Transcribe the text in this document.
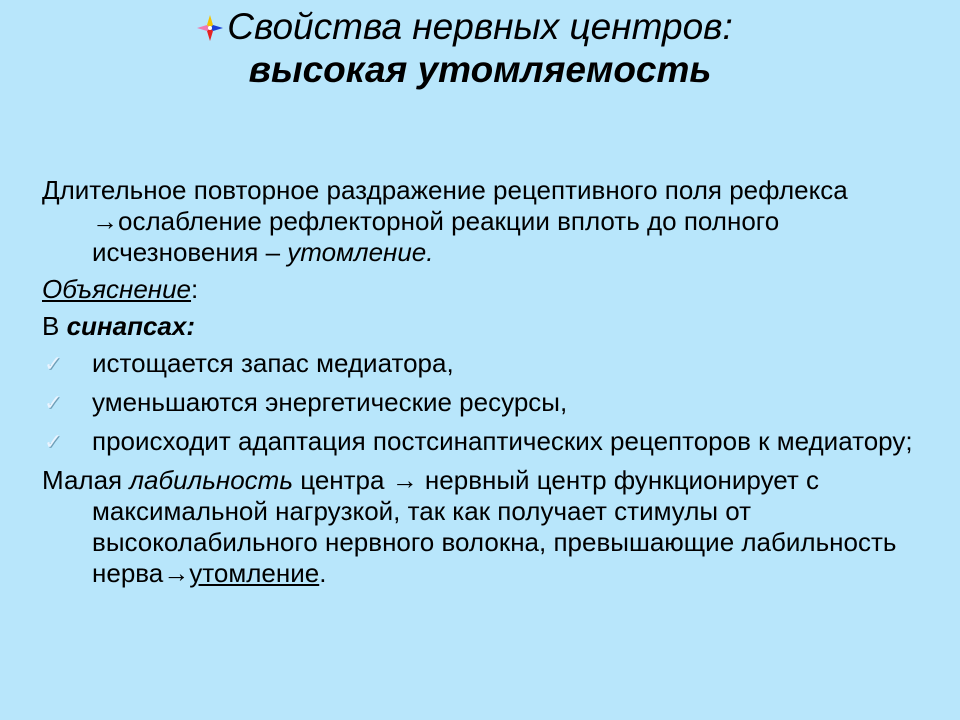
Свойства нервных центров:
высокая утомляемость

Длительное повторное раздражение рецептивного поля рефлекса →ослабление рефлекторной реакции вплоть до полного исчезновения – утомление.

Объяснение:

В синапсах:

✓ истощается запас медиатора,
✓ уменьшаются энергетические ресурсы,
✓ происходит адаптация постсинаптических рецепторов к медиатору;

Малая лабильность центра → нервный центр функционирует с максимальной нагрузкой, так как получает стимулы от высоколабильного нервного волокна, превышающие лабильность нерва→утомление.
